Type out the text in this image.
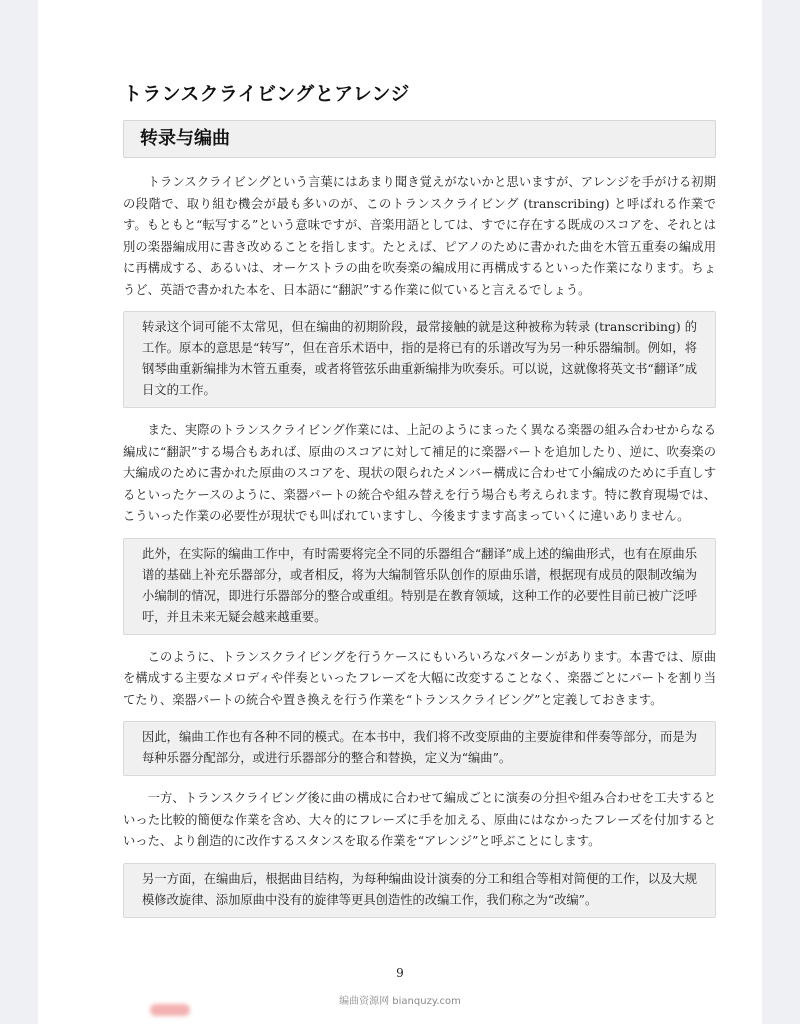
トランスクライビングとアレンジ
转录与编曲

トランスクライビングという言葉にはあまり聞き覚えがないかと思いますが、アレンジを手がける初期の段階で、取り組む機会が最も多いのが、このトランスクライビング (transcribing) と呼ばれる作業です。もともと“転写する”という意味ですが、音楽用語としては、すでに存在する既成のスコアを、それとは別の楽器編成用に書き改めることを指します。たとえば、ピアノのために書かれた曲を木管五重奏の編成用に再構成する、あるいは、オーケストラの曲を吹奏楽の編成用に再構成するといった作業になります。ちょうど、英語で書かれた本を、日本語に“翻訳”する作業に似ていると言えるでしょう。

转录这个词可能不太常见，但在编曲的初期阶段，最常接触的就是这种被称为转录 (transcribing) 的工作。原本的意思是“转写”，但在音乐术语中，指的是将已有的乐谱改写为另一种乐器编制。例如，将钢琴曲重新编排为木管五重奏，或者将管弦乐曲重新编排为吹奏乐。可以说，这就像将英文书“翻译”成日文的工作。

また、実際のトランスクライビング作業には、上記のようにまったく異なる楽器の組み合わせからなる編成に“翻訳”する場合もあれば、原曲のスコアに対して補足的に楽器パートを追加したり、逆に、吹奏楽の大編成のために書かれた原曲のスコアを、現状の限られたメンバー構成に合わせて小編成のために手直しするといったケースのように、楽器パートの統合や組み替えを行う場合も考えられます。特に教育現場では、こういった作業の必要性が現状でも叫ばれていますし、今後ますます高まっていくに違いありません。

此外，在实际的编曲工作中，有时需要将完全不同的乐器组合“翻译”成上述的编曲形式，也有在原曲乐谱的基础上补充乐器部分，或者相反，将为大编制管乐队创作的原曲乐谱，根据现有成员的限制改编为小编制的情况，即进行乐器部分的整合或重组。特别是在教育领域，这种工作的必要性目前已被广泛呼吁，并且未来无疑会越来越重要。

このように、トランスクライビングを行うケースにもいろいろなパターンがあります。本書では、原曲を構成する主要なメロディや伴奏といったフレーズを大幅に改変することなく、楽器ごとにパートを割り当てたり、楽器パートの統合や置き換えを行う作業を“トランスクライビング”と定義しておきます。

因此，编曲工作也有各种不同的模式。在本书中，我们将不改变原曲的主要旋律和伴奏等部分，而是为每种乐器分配部分，或进行乐器部分的整合和替换，定义为“编曲”。

一方、トランスクライビング後に曲の構成に合わせて編成ごとに演奏の分担や組み合わせを工夫するといった比較的簡便な作業を含め、大々的にフレーズに手を加える、原曲にはなかったフレーズを付加するといった、より創造的に改作するスタンスを取る作業を“アレンジ”と呼ぶことにします。

另一方面，在编曲后，根据曲目结构，为每种编曲设计演奏的分工和组合等相对简便的工作，以及大规模修改旋律、添加原曲中没有的旋律等更具创造性的改编工作，我们称之为“改编”。
9
编曲资源网 bianquzy.com
